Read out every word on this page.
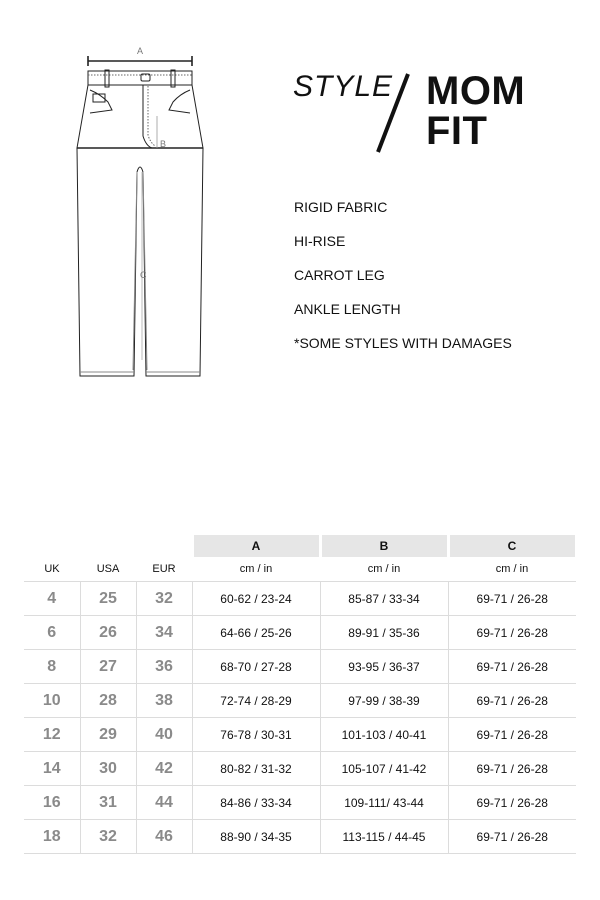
A
B
C
STYLE MOM
FIT
RIGID FABRIC
HI-RISE
CARROT LEG
ANKLE LENGTH
*SOME STYLES WITH DAMAGES
			A	B	C
UK	USA	EUR	cm / in	cm / in	cm / in
4	25	32	60-62 / 23-24	85-87 / 33-34	69-71 / 26-28
6	26	34	64-66 / 25-26	89-91 / 35-36	69-71 / 26-28
8	27	36	68-70 / 27-28	93-95 / 36-37	69-71 / 26-28
10	28	38	72-74 / 28-29	97-99 / 38-39	69-71 / 26-28
12	29	40	76-78 / 30-31	101-103 / 40-41	69-71 / 26-28
14	30	42	80-82 / 31-32	105-107 / 41-42	69-71 / 26-28
16	31	44	84-86 / 33-34	109-111/ 43-44	69-71 / 26-28
18	32	46	88-90 / 34-35	113-115 / 44-45	69-71 / 26-28
